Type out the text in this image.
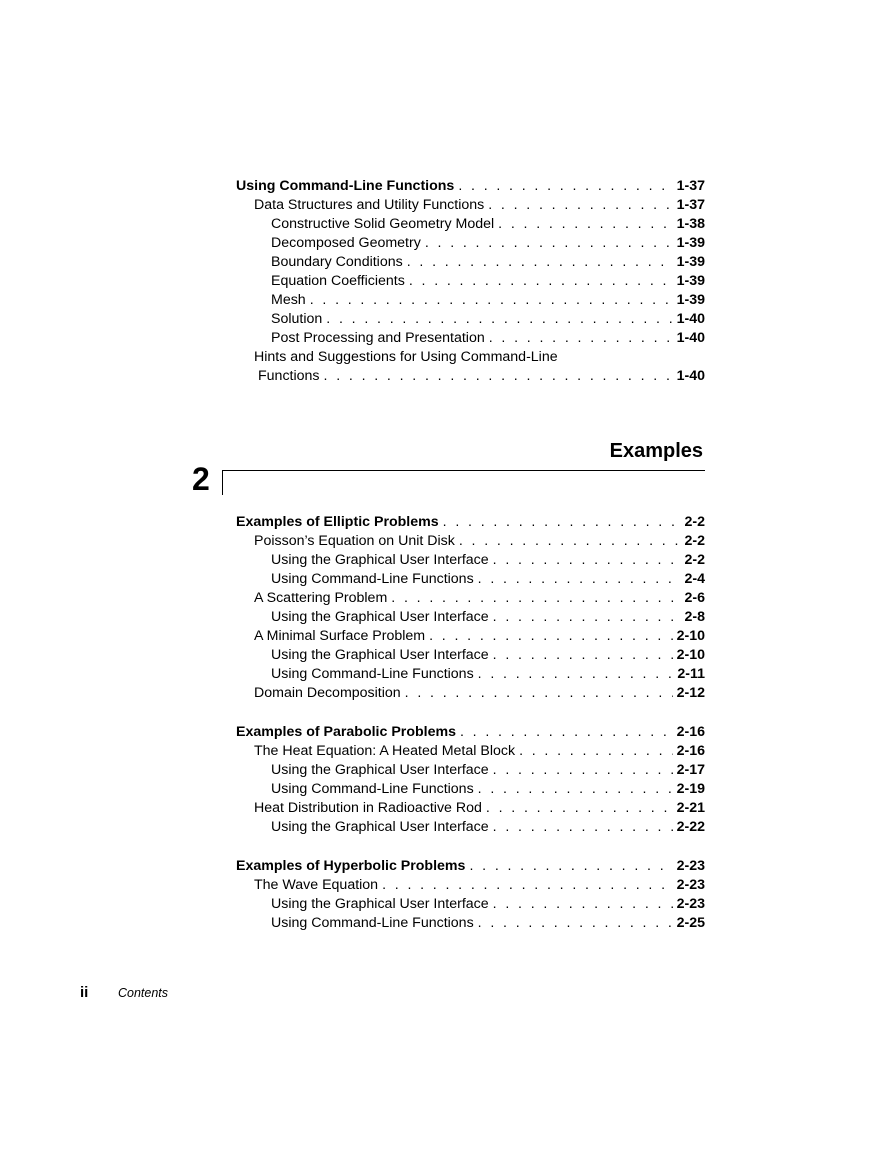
Using Command-Line Functions . . .	1-37
Data Structures and Utility Functions . . .	1-37
Constructive Solid Geometry Model . . .	1-38
Decomposed Geometry . . .	1-39
Boundary Conditions . . .	1-39
Equation Coefficients . . .	1-39
Mesh . . .	1-39
Solution . . .	1-40
Post Processing and Presentation . . .	1-40
Hints and Suggestions for Using Command-Line
Functions . . .	1-40
Examples
2
Examples of Elliptic Problems . . .	2-2
Poisson’s Equation on Unit Disk . . .	2-2
Using the Graphical User Interface . . .	2-2
Using Command-Line Functions . . .	2-4
A Scattering Problem . . .	2-6
Using the Graphical User Interface . . .	2-8
A Minimal Surface Problem . . .	2-10
Using the Graphical User Interface . . .	2-10
Using Command-Line Functions . . .	2-11
Domain Decomposition . . .	2-12
Examples of Parabolic Problems . . .	2-16
The Heat Equation: A Heated Metal Block . . .	2-16
Using the Graphical User Interface . . .	2-17
Using Command-Line Functions . . .	2-19
Heat Distribution in Radioactive Rod . . .	2-21
Using the Graphical User Interface . . .	2-22
Examples of Hyperbolic Problems . . .	2-23
The Wave Equation . . .	2-23
Using the Graphical User Interface . . .	2-23
Using Command-Line Functions . . .	2-25
ii Contents
